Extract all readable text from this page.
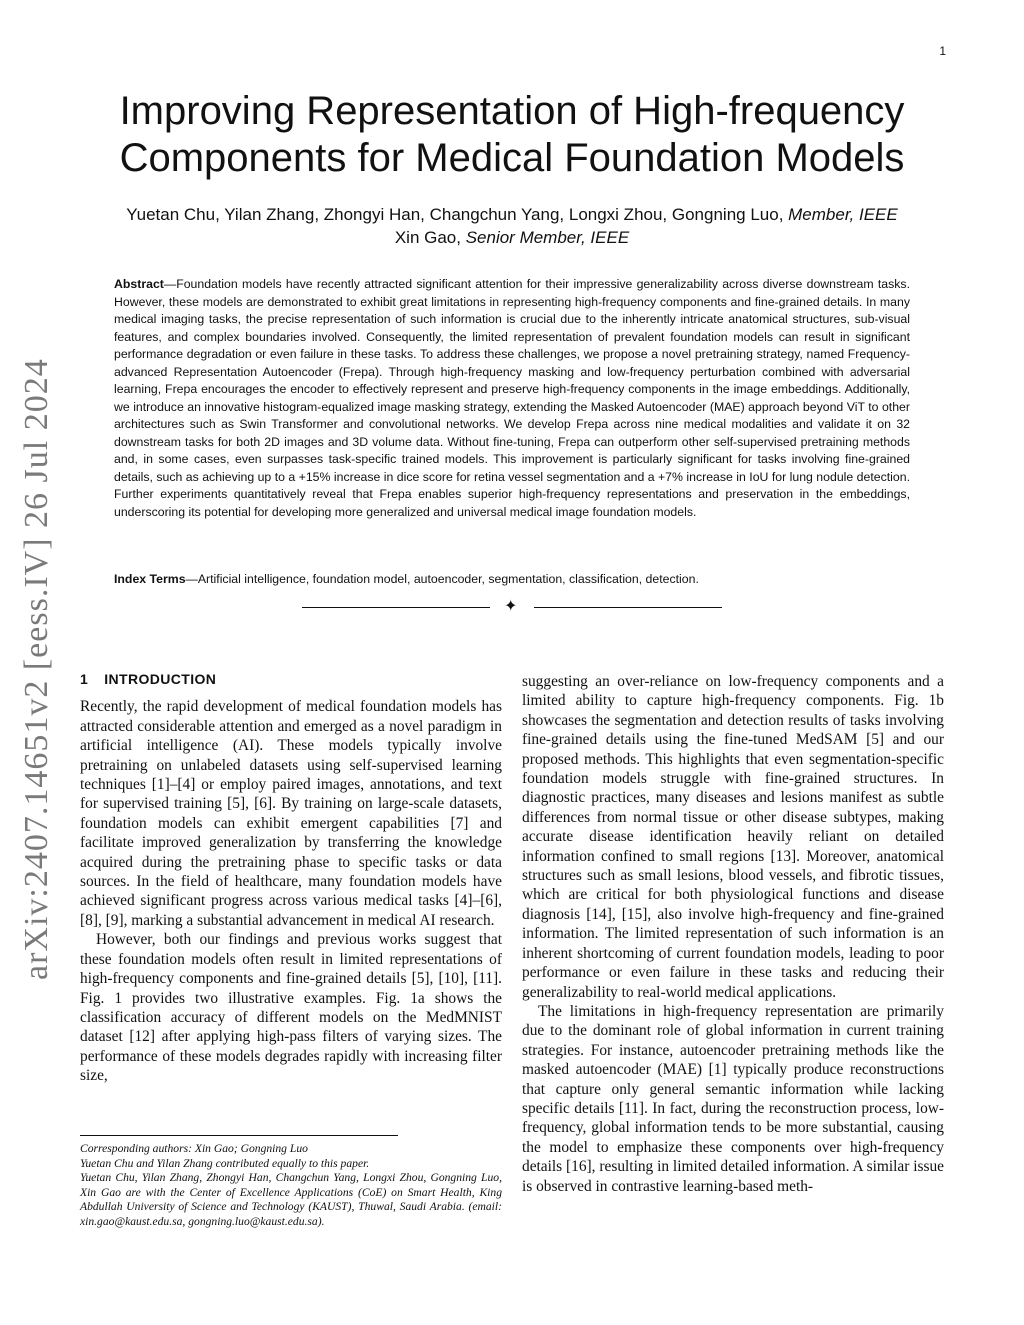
1
arXiv:2407.14651v2 [eess.IV] 26 Jul 2024
Improving Representation of High-frequency Components for Medical Foundation Models
Yuetan Chu, Yilan Zhang, Zhongyi Han, Changchun Yang, Longxi Zhou, Gongning Luo, Member, IEEE
Xin Gao, Senior Member, IEEE
Abstract—Foundation models have recently attracted significant attention for their impressive generalizability across diverse downstream tasks. However, these models are demonstrated to exhibit great limitations in representing high-frequency components and fine-grained details. In many medical imaging tasks, the precise representation of such information is crucial due to the inherently intricate anatomical structures, sub-visual features, and complex boundaries involved. Consequently, the limited representation of prevalent foundation models can result in significant performance degradation or even failure in these tasks. To address these challenges, we propose a novel pretraining strategy, named Frequency-advanced Representation Autoencoder (Frepa). Through high-frequency masking and low-frequency perturbation combined with adversarial learning, Frepa encourages the encoder to effectively represent and preserve high-frequency components in the image embeddings. Additionally, we introduce an innovative histogram-equalized image masking strategy, extending the Masked Autoencoder (MAE) approach beyond ViT to other architectures such as Swin Transformer and convolutional networks. We develop Frepa across nine medical modalities and validate it on 32 downstream tasks for both 2D images and 3D volume data. Without fine-tuning, Frepa can outperform other self-supervised pretraining methods and, in some cases, even surpasses task-specific trained models. This improvement is particularly significant for tasks involving fine-grained details, such as achieving up to a +15% increase in dice score for retina vessel segmentation and a +7% increase in IoU for lung nodule detection. Further experiments quantitatively reveal that Frepa enables superior high-frequency representations and preservation in the embeddings, underscoring its potential for developing more generalized and universal medical image foundation models.
Index Terms—Artificial intelligence, foundation model, autoencoder, segmentation, classification, detection.
✦
1 INTRODUCTION

Recently, the rapid development of medical foundation models has attracted considerable attention and emerged as a novel paradigm in artificial intelligence (AI). These models typically involve pretraining on unlabeled datasets using self-supervised learning techniques [1]–[4] or employ paired images, annotations, and text for supervised training [5], [6]. By training on large-scale datasets, foundation models can exhibit emergent capabilities [7] and facilitate improved generalization by transferring the knowledge acquired during the pretraining phase to specific tasks or data sources. In the field of healthcare, many foundation models have achieved significant progress across various medical tasks [4]–[6], [8], [9], marking a substantial advancement in medical AI research.

However, both our findings and previous works suggest that these foundation models often result in limited representations of high-frequency components and fine-grained details [5], [10], [11]. Fig. 1 provides two illustrative examples. Fig. 1a shows the classification accuracy of different models on the MedMNIST dataset [12] after applying high-pass filters of varying sizes. The performance of these models degrades rapidly with increasing filter size,

suggesting an over-reliance on low-frequency components and a limited ability to capture high-frequency components. Fig. 1b showcases the segmentation and detection results of tasks involving fine-grained details using the fine-tuned MedSAM [5] and our proposed methods. This highlights that even segmentation-specific foundation models struggle with fine-grained structures. In diagnostic practices, many diseases and lesions manifest as subtle differences from normal tissue or other disease subtypes, making accurate disease identification heavily reliant on detailed information confined to small regions [13]. Moreover, anatomical structures such as small lesions, blood vessels, and fibrotic tissues, which are critical for both physiological functions and disease diagnosis [14], [15], also involve high-frequency and fine-grained information. The limited representation of such information is an inherent shortcoming of current foundation models, leading to poor performance or even failure in these tasks and reducing their generalizability to real-world medical applications.

The limitations in high-frequency representation are primarily due to the dominant role of global information in current training strategies. For instance, autoencoder pretraining methods like the masked autoencoder (MAE) [1] typically produce reconstructions that capture only general semantic information while lacking specific details [11]. In fact, during the reconstruction process, low-frequency, global information tends to be more substantial, causing the model to emphasize these components over high-frequency details [16], resulting in limited detailed information. A similar issue is observed in contrastive learning-based meth-

Corresponding authors: Xin Gao; Gongning Luo

Yuetan Chu and Yilan Zhang contributed equally to this paper.

Yuetan Chu, Yilan Zhang, Zhongyi Han, Changchun Yang, Longxi Zhou, Gongning Luo, Xin Gao are with the Center of Excellence Applications (CoE) on Smart Health, King Abdullah University of Science and Technology (KAUST), Thuwal, Saudi Arabia. (email: xin.gao@kaust.edu.sa, gongning.luo@kaust.edu.sa).
